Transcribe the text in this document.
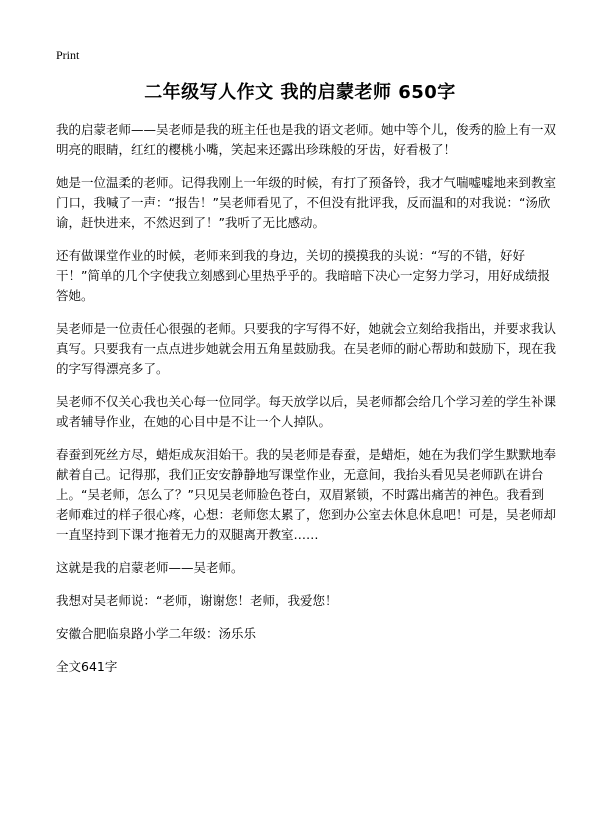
Print
二年级写人作文 我的启蒙老师 650字

我的启蒙老师——吴老师是我的班主任也是我的语文老师。她中等个儿，俊秀的脸上有一双明亮的眼睛，红红的樱桃小嘴，笑起来还露出珍珠般的牙齿，好看极了！

她是一位温柔的老师。记得我刚上一年级的时候，有打了预备铃，我才气喘嘘嘘地来到教室门口，我喊了一声：“报告！”吴老师看见了，不但没有批评我，反而温和的对我说：“汤欣谕，赶快进来，不然迟到了！”我听了无比感动。

还有做课堂作业的时候，老师来到我的身边，关切的摸摸我的头说：“写的不错，好好干！”简单的几个字使我立刻感到心里热乎乎的。我暗暗下决心一定努力学习，用好成绩报答她。

吴老师是一位责任心很强的老师。只要我的字写得不好，她就会立刻给我指出，并要求我认真写。只要我有一点点进步她就会用五角星鼓励我。在吴老师的耐心帮助和鼓励下，现在我的字写得漂亮多了。

吴老师不仅关心我也关心每一位同学。每天放学以后，吴老师都会给几个学习差的学生补课或者辅导作业，在她的心目中是不让一个人掉队。

春蚕到死丝方尽，蜡炬成灰泪始干。我的吴老师是春蚕，是蜡炬，她在为我们学生默默地奉献着自己。记得那，我们正安安静静地写课堂作业，无意间，我抬头看见吴老师趴在讲台上。“吴老师，怎么了？”只见吴老师脸色苍白，双眉紧锁，不时露出痛苦的神色。我看到老师难过的样子很心疼，心想：老师您太累了，您到办公室去休息休息吧！可是，吴老师却一直坚持到下课才拖着无力的双腿离开教室……

这就是我的启蒙老师——吴老师。

我想对吴老师说：“老师，谢谢您！老师，我爱您！

安徽合肥临泉路小学二年级：汤乐乐

全文641字
